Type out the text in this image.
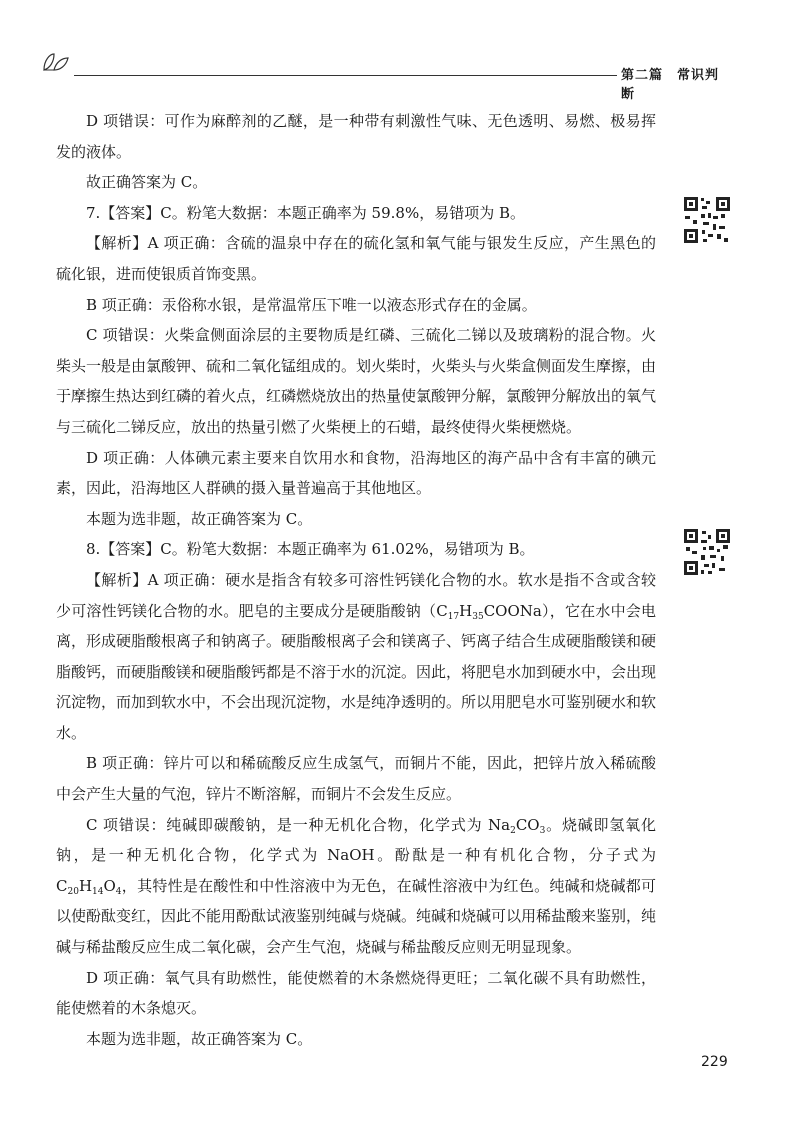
第二篇　常识判断

D 项错误：可作为麻醉剂的乙醚，是一种带有刺激性气味、无色透明、易燃、极易挥发的液体。

故正确答案为 C。

7.【答案】C。粉笔大数据：本题正确率为 59.8%，易错项为 B。

【解析】A 项正确：含硫的温泉中存在的硫化氢和氧气能与银发生反应，产生黑色的硫化银，进而使银质首饰变黑。

B 项正确：汞俗称水银，是常温常压下唯一以液态形式存在的金属。

C 项错误：火柴盒侧面涂层的主要物质是红磷、三硫化二锑以及玻璃粉的混合物。火柴头一般是由氯酸钾、硫和二氧化锰组成的。划火柴时，火柴头与火柴盒侧面发生摩擦，由于摩擦生热达到红磷的着火点，红磷燃烧放出的热量使氯酸钾分解，氯酸钾分解放出的氧气与三硫化二锑反应，放出的热量引燃了火柴梗上的石蜡，最终使得火柴梗燃烧。

D 项正确：人体碘元素主要来自饮用水和食物，沿海地区的海产品中含有丰富的碘元素，因此，沿海地区人群碘的摄入量普遍高于其他地区。

本题为选非题，故正确答案为 C。

8.【答案】C。粉笔大数据：本题正确率为 61.02%，易错项为 B。

【解析】A 项正确：硬水是指含有较多可溶性钙镁化合物的水。软水是指不含或含较少可溶性钙镁化合物的水。肥皂的主要成分是硬脂酸钠$(C_{17}H_{35}COONa)$，它在水中会电离，形成硬脂酸根离子和钠离子。硬脂酸根离子会和镁离子、钙离子结合生成硬脂酸镁和硬脂酸钙，而硬脂酸镁和硬脂酸钙都是不溶于水的沉淀。因此，将肥皂水加到硬水中，会出现沉淀物，而加到软水中，不会出现沉淀物，水是纯净透明的。所以用肥皂水可鉴别硬水和软水。

B 项正确：锌片可以和稀硫酸反应生成氢气，而铜片不能，因此，把锌片放入稀硫酸中会产生大量的气泡，锌片不断溶解，而铜片不会发生反应。

C 项错误：纯碱即碳酸钠，是一种无机化合物，化学式为 $Na_2CO_3$。烧碱即氢氧化钠，是一种无机化合物，化学式为 NaOH。酚酞是一种有机化合物，分子式为 $C_{20}H_{14}O_4$，其特性是在酸性和中性溶液中为无色，在碱性溶液中为红色。纯碱和烧碱都可以使酚酞变红，因此不能用酚酞试液鉴别纯碱与烧碱。纯碱和烧碱可以用稀盐酸来鉴别，纯碱与稀盐酸反应生成二氧化碳，会产生气泡，烧碱与稀盐酸反应则无明显现象。

D 项正确：氧气具有助燃性，能使燃着的木条燃烧得更旺；二氧化碳不具有助燃性，能使燃着的木条熄灭。

本题为选非题，故正确答案为 C。

229
